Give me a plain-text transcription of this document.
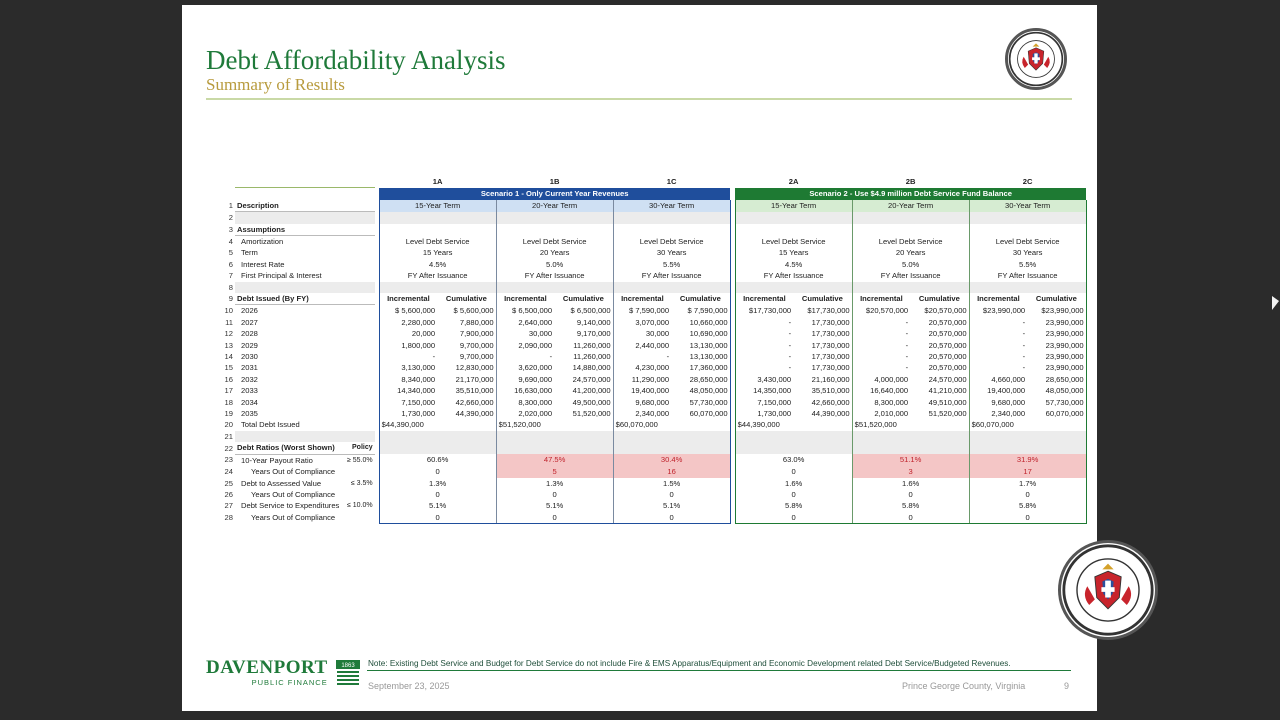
Debt Affordability Analysis
Summary of Results
DAVENPORT
PUBLIC FINANCE
1863 Note: Existing Debt Service and Budget for Debt Service do not include Fire & EMS Apparatus/Equipment and Economic Development related Debt Service/Budgeted Revenues.
September 23, 2025	Prince George County, Virginia	9
				1A		1B		1C			2A		2B		2C	
				Scenario 1 - Only Current Year Revenues							Scenario 2 - Use $4.9 million Debt Service Fund Balance					
1	Description			15-Year Term		20-Year Term		30-Year Term			15-Year Term		20-Year Term		30-Year Term	
2																
3	Assumptions															
4	Amortization			Level Debt Service		Level Debt Service		Level Debt Service			Level Debt Service		Level Debt Service		Level Debt Service	
5	Term			15 Years		20 Years		30 Years			15 Years		20 Years		30 Years	
6	Interest Rate			4.5%		5.0%		5.5%			4.5%		5.0%		5.5%	
7	First Principal & Interest			FY After Issuance		FY After Issuance		FY After Issuance			FY After Issuance		FY After Issuance		FY After Issuance	
8																
9	Debt Issued (By FY)			Incremental	Cumulative	Incremental	Cumulative	Incremental	Cumulative		Incremental	Cumulative	Incremental	Cumulative	Incremental	Cumulative
10	2026			$ 5,600,000	$ 5,600,000	$ 6,500,000	$ 6,500,000	$ 7,590,000	$ 7,590,000		$17,730,000	$17,730,000	$20,570,000	$20,570,000	$23,990,000	$23,990,000
11	2027			2,280,000	7,880,000	2,640,000	9,140,000	3,070,000	10,660,000		-	17,730,000	-	20,570,000	-	23,990,000
12	2028			20,000	7,900,000	30,000	9,170,000	30,000	10,690,000		-	17,730,000	-	20,570,000	-	23,990,000
13	2029			1,800,000	9,700,000	2,090,000	11,260,000	2,440,000	13,130,000		-	17,730,000	-	20,570,000	-	23,990,000
14	2030			-	9,700,000	-	11,260,000	-	13,130,000		-	17,730,000	-	20,570,000	-	23,990,000
15	2031			3,130,000	12,830,000	3,620,000	14,880,000	4,230,000	17,360,000		-	17,730,000	-	20,570,000	-	23,990,000
16	2032			8,340,000	21,170,000	9,690,000	24,570,000	11,290,000	28,650,000		3,430,000	21,160,000	4,000,000	24,570,000	4,660,000	28,650,000
17	2033			14,340,000	35,510,000	16,630,000	41,200,000	19,400,000	48,050,000		14,350,000	35,510,000	16,640,000	41,210,000	19,400,000	48,050,000
18	2034			7,150,000	42,660,000	8,300,000	49,500,000	9,680,000	57,730,000		7,150,000	42,660,000	8,300,000	49,510,000	9,680,000	57,730,000
19	2035			1,730,000	44,390,000	2,020,000	51,520,000	2,340,000	60,070,000		1,730,000	44,390,000	2,010,000	51,520,000	2,340,000	60,070,000
20	Total Debt Issued			$44,390,000		$51,520,000		$60,070,000			$44,390,000		$51,520,000		$60,070,000	
21																
22	Debt Ratios (Worst Shown)	Policy														
23	10-Year Payout Ratio	≥ 55.0%		60.6%		47.5%		30.4%			63.0%		51.1%		31.9%	
24	Years Out of Compliance			0		5		16			0		3		17	
25	Debt to Assessed Value	≤ 3.5%		1.3%		1.3%		1.5%			1.6%		1.6%		1.7%	
26	Years Out of Compliance			0		0		0			0		0		0	
27	Debt Service to Expenditures	≤ 10.0%		5.1%		5.1%		5.1%			5.8%		5.8%		5.8%	
28	Years Out of Compliance			0		0		0			0		0		0	
